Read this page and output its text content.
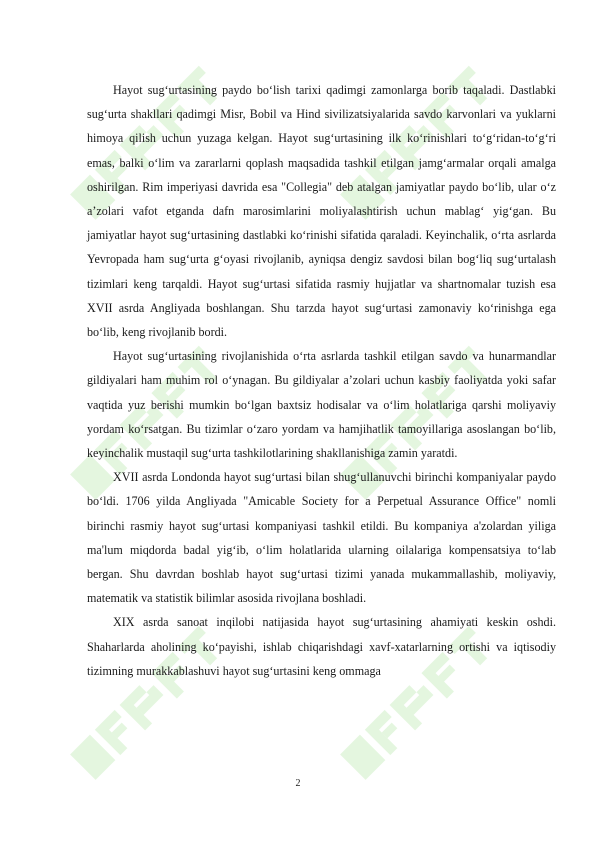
Hayot sug‘urtasining paydo bo‘lish tarixi qadimgi zamonlarga borib taqaladi. Dastlabki sug‘urta shakllari qadimgi Misr, Bobil va Hind sivilizatsiyalarida savdo karvonlari va yuklarni himoya qilish uchun yuzaga kelgan. Hayot sug‘urtasining ilk ko‘rinishlari to‘g‘ridan-to‘g‘ri emas, balki o‘lim va zararlarni qoplash maqsadida tashkil etilgan jamg‘armalar orqali amalga oshirilgan. Rim imperiyasi davrida esa "Collegia" deb atalgan jamiyatlar paydo bo‘lib, ular o‘z a’zolari vafot etganda dafn marosimlarini moliyalashtirish uchun mablag‘ yig‘gan. Bu jamiyatlar hayot sug‘urtasining dastlabki ko‘rinishi sifatida qaraladi. Keyinchalik, o‘rta asrlarda Yevropada ham sug‘urta g‘oyasi rivojlanib, ayniqsa dengiz savdosi bilan bog‘liq sug‘urtalash tizimlari keng tarqaldi. Hayot sug‘urtasi sifatida rasmiy hujjatlar va shartnomalar tuzish esa XVII asrda Angliyada boshlangan. Shu tarzda hayot sug‘urtasi zamonaviy ko‘rinishga ega bo‘lib, keng rivojlanib bordi.

Hayot sug‘urtasining rivojlanishida o‘rta asrlarda tashkil etilgan savdo va hunarmandlar gildiyalari ham muhim rol o‘ynagan. Bu gildiyalar a’zolari uchun kasbiy faoliyatda yoki safar vaqtida yuz berishi mumkin bo‘lgan baxtsiz hodisalar va o‘lim holatlariga qarshi moliyaviy yordam ko‘rsatgan. Bu tizimlar o‘zaro yordam va hamjihatlik tamoyillariga asoslangan bo‘lib, keyinchalik mustaqil sug‘urta tashkilotlarining shakllanishiga zamin yaratdi.

XVII asrda Londonda hayot sug‘urtasi bilan shug‘ullanuvchi birinchi kompaniyalar paydo bo‘ldi. 1706 yilda Angliyada "Amicable Society for a Perpetual Assurance Office" nomli birinchi rasmiy hayot sug‘urtasi kompaniyasi tashkil etildi. Bu kompaniya a'zolardan yiliga ma'lum miqdorda badal yig‘ib, o‘lim holatlarida ularning oilalariga kompensatsiya to‘lab bergan. Shu davrdan boshlab hayot sug‘urtasi tizimi yanada mukammallashib, moliyaviy, matematik va statistik bilimlar asosida rivojlana boshladi.

XIX asrda sanoat inqilobi natijasida hayot sug‘urtasining ahamiyati keskin oshdi. Shaharlarda aholining ko‘payishi, ishlab chiqarishdagi xavf-xatarlarning ortishi va iqtisodiy tizimning murakkablashuvi hayot sug‘urtasini keng ommaga

2
